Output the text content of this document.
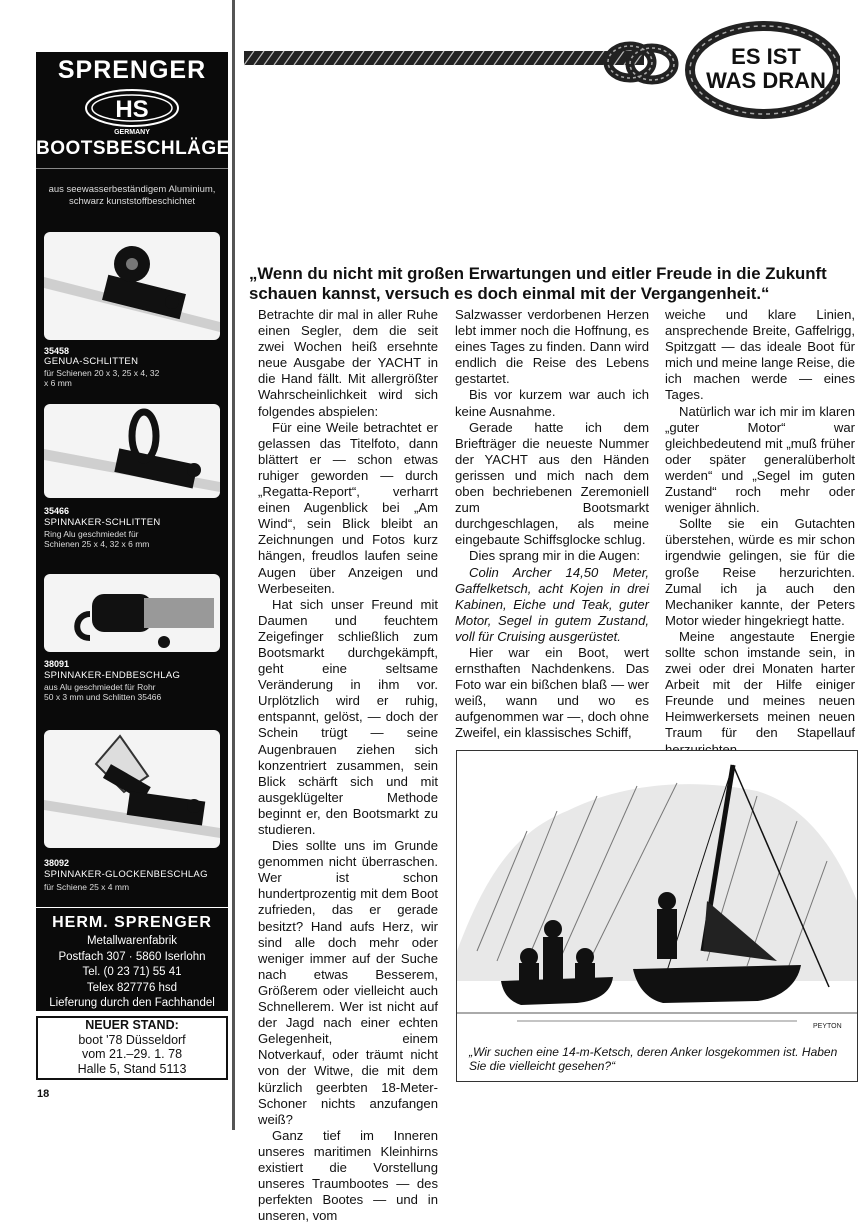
SPRENGER
HS
GERMANY
BOOTSBESCHLÄGE
aus seewasserbeständigem Aluminium, schwarz kunststoffbeschichtet
35458
GENUA-SCHLITTEN
für Schienen 20 x 3, 25 x 4, 32 x 6 mm
35466
SPINNAKER-SCHLITTEN
Ring Alu geschmiedet für Schienen 25 x 4, 32 x 6 mm
38091
SPINNAKER-ENDBESCHLAG
aus Alu geschmiedet für Rohr 50 x 3 mm und Schlitten 35466
38092
SPINNAKER-GLOCKENBESCHLAG
für Schiene 25 x 4 mm
HERM. SPRENGER
Metallwarenfabrik
Postfach 307 · 5860 Iserlohn
Tel. (0 23 71) 55 41
Telex 827776 hsd
Lieferung durch den Fachhandel
NEUER STAND:
boot '78 Düsseldorf
vom 21.–29. 1. 78
Halle 5, Stand 5113
18
ES IST
WAS DRAN
„Wenn du nicht mit großen Erwartungen und eitler Freude in die Zukunft schauen kannst, versuch es doch einmal mit der Vergangenheit.“

Betrachte dir mal in aller Ruhe einen Segler, dem die seit zwei Wochen heiß ersehnte neue Ausgabe der YACHT in die Hand fällt. Mit allergrößter Wahrscheinlichkeit wird sich folgendes abspielen:

Für eine Weile betrachtet er gelassen das Titelfoto, dann blättert er — schon etwas ruhiger geworden — durch „Regatta-Report“, verharrt einen Augenblick bei „Am Wind“, sein Blick bleibt an Zeichnungen und Fotos kurz hängen, freudlos laufen seine Augen über Anzeigen und Werbeseiten.

Hat sich unser Freund mit Daumen und feuchtem Zeigefinger schließlich zum Bootsmarkt durchgekämpft, geht eine seltsame Veränderung in ihm vor. Urplötzlich wird er ruhig, entspannt, gelöst, — doch der Schein trügt — seine Augenbrauen ziehen sich konzentriert zusammen, sein Blick schärft sich und mit ausgeklügelter Methode beginnt er, den Bootsmarkt zu studieren.

Dies sollte uns im Grunde genommen nicht überraschen. Wer ist schon hundertprozentig mit dem Boot zufrieden, das er gerade besitzt? Hand aufs Herz, wir sind alle doch mehr oder weniger immer auf der Suche nach etwas Besserem, Größerem oder vielleicht auch Schnellerem. Wer ist nicht auf der Jagd nach einer echten Gelegenheit, einem Notverkauf, oder träumt nicht von der Witwe, die mit dem kürzlich geerbten 18-Meter-Schoner nichts anzufangen weiß?

Ganz tief im Inneren unseres maritimen Kleinhirns existiert die Vorstellung unseres Traumbootes — des perfekten Bootes — und in unseren, vom

Salzwasser verdorbenen Herzen lebt immer noch die Hoffnung, es eines Tages zu finden. Dann wird endlich die Reise des Lebens gestartet.

Bis vor kurzem war auch ich keine Ausnahme.

Gerade hatte ich dem Briefträger die neueste Nummer der YACHT aus den Händen gerissen und mich nach dem oben bechriebenen Zeremoniell zum Bootsmarkt durchgeschlagen, als meine eingebaute Schiffsglocke schlug.

Dies sprang mir in die Augen:

Colin Archer 14,50 Meter, Gaffelketsch, acht Kojen in drei Kabinen, Eiche und Teak, guter Motor, Segel in gutem Zustand, voll für Cruising ausgerüstet.

Hier war ein Boot, wert ernsthaften Nachdenkens. Das Foto war ein bißchen blaß — wer weiß, wann und wo es aufgenommen war —, doch ohne Zweifel, ein klassisches Schiff,

weiche und klare Linien, ansprechende Breite, Gaffelrigg, Spitzgatt — das ideale Boot für mich und meine lange Reise, die ich machen werde — eines Tages.

Natürlich war ich mir im klaren „guter Motor“ war gleichbedeutend mit „muß früher oder später generalüberholt werden“ und „Segel im guten Zustand“ roch mehr oder weniger ähnlich.

Sollte sie ein Gutachten überstehen, würde es mir schon irgendwie gelingen, sie für die große Reise herzurichten. Zumal ich ja auch den Mechaniker kannte, der Peters Motor wieder hingekriegt hatte.

Meine angestaute Energie sollte schon imstande sein, in zwei oder drei Monaten harter Arbeit mit der Hilfe einiger Freunde und meines neuen Heimwerkersets meinen neuen Traum für den Stapellauf

PEYTON
„Wir suchen eine 14-m-Ketsch, deren Anker losgekommen ist. Haben Sie die vielleicht gesehen?“
